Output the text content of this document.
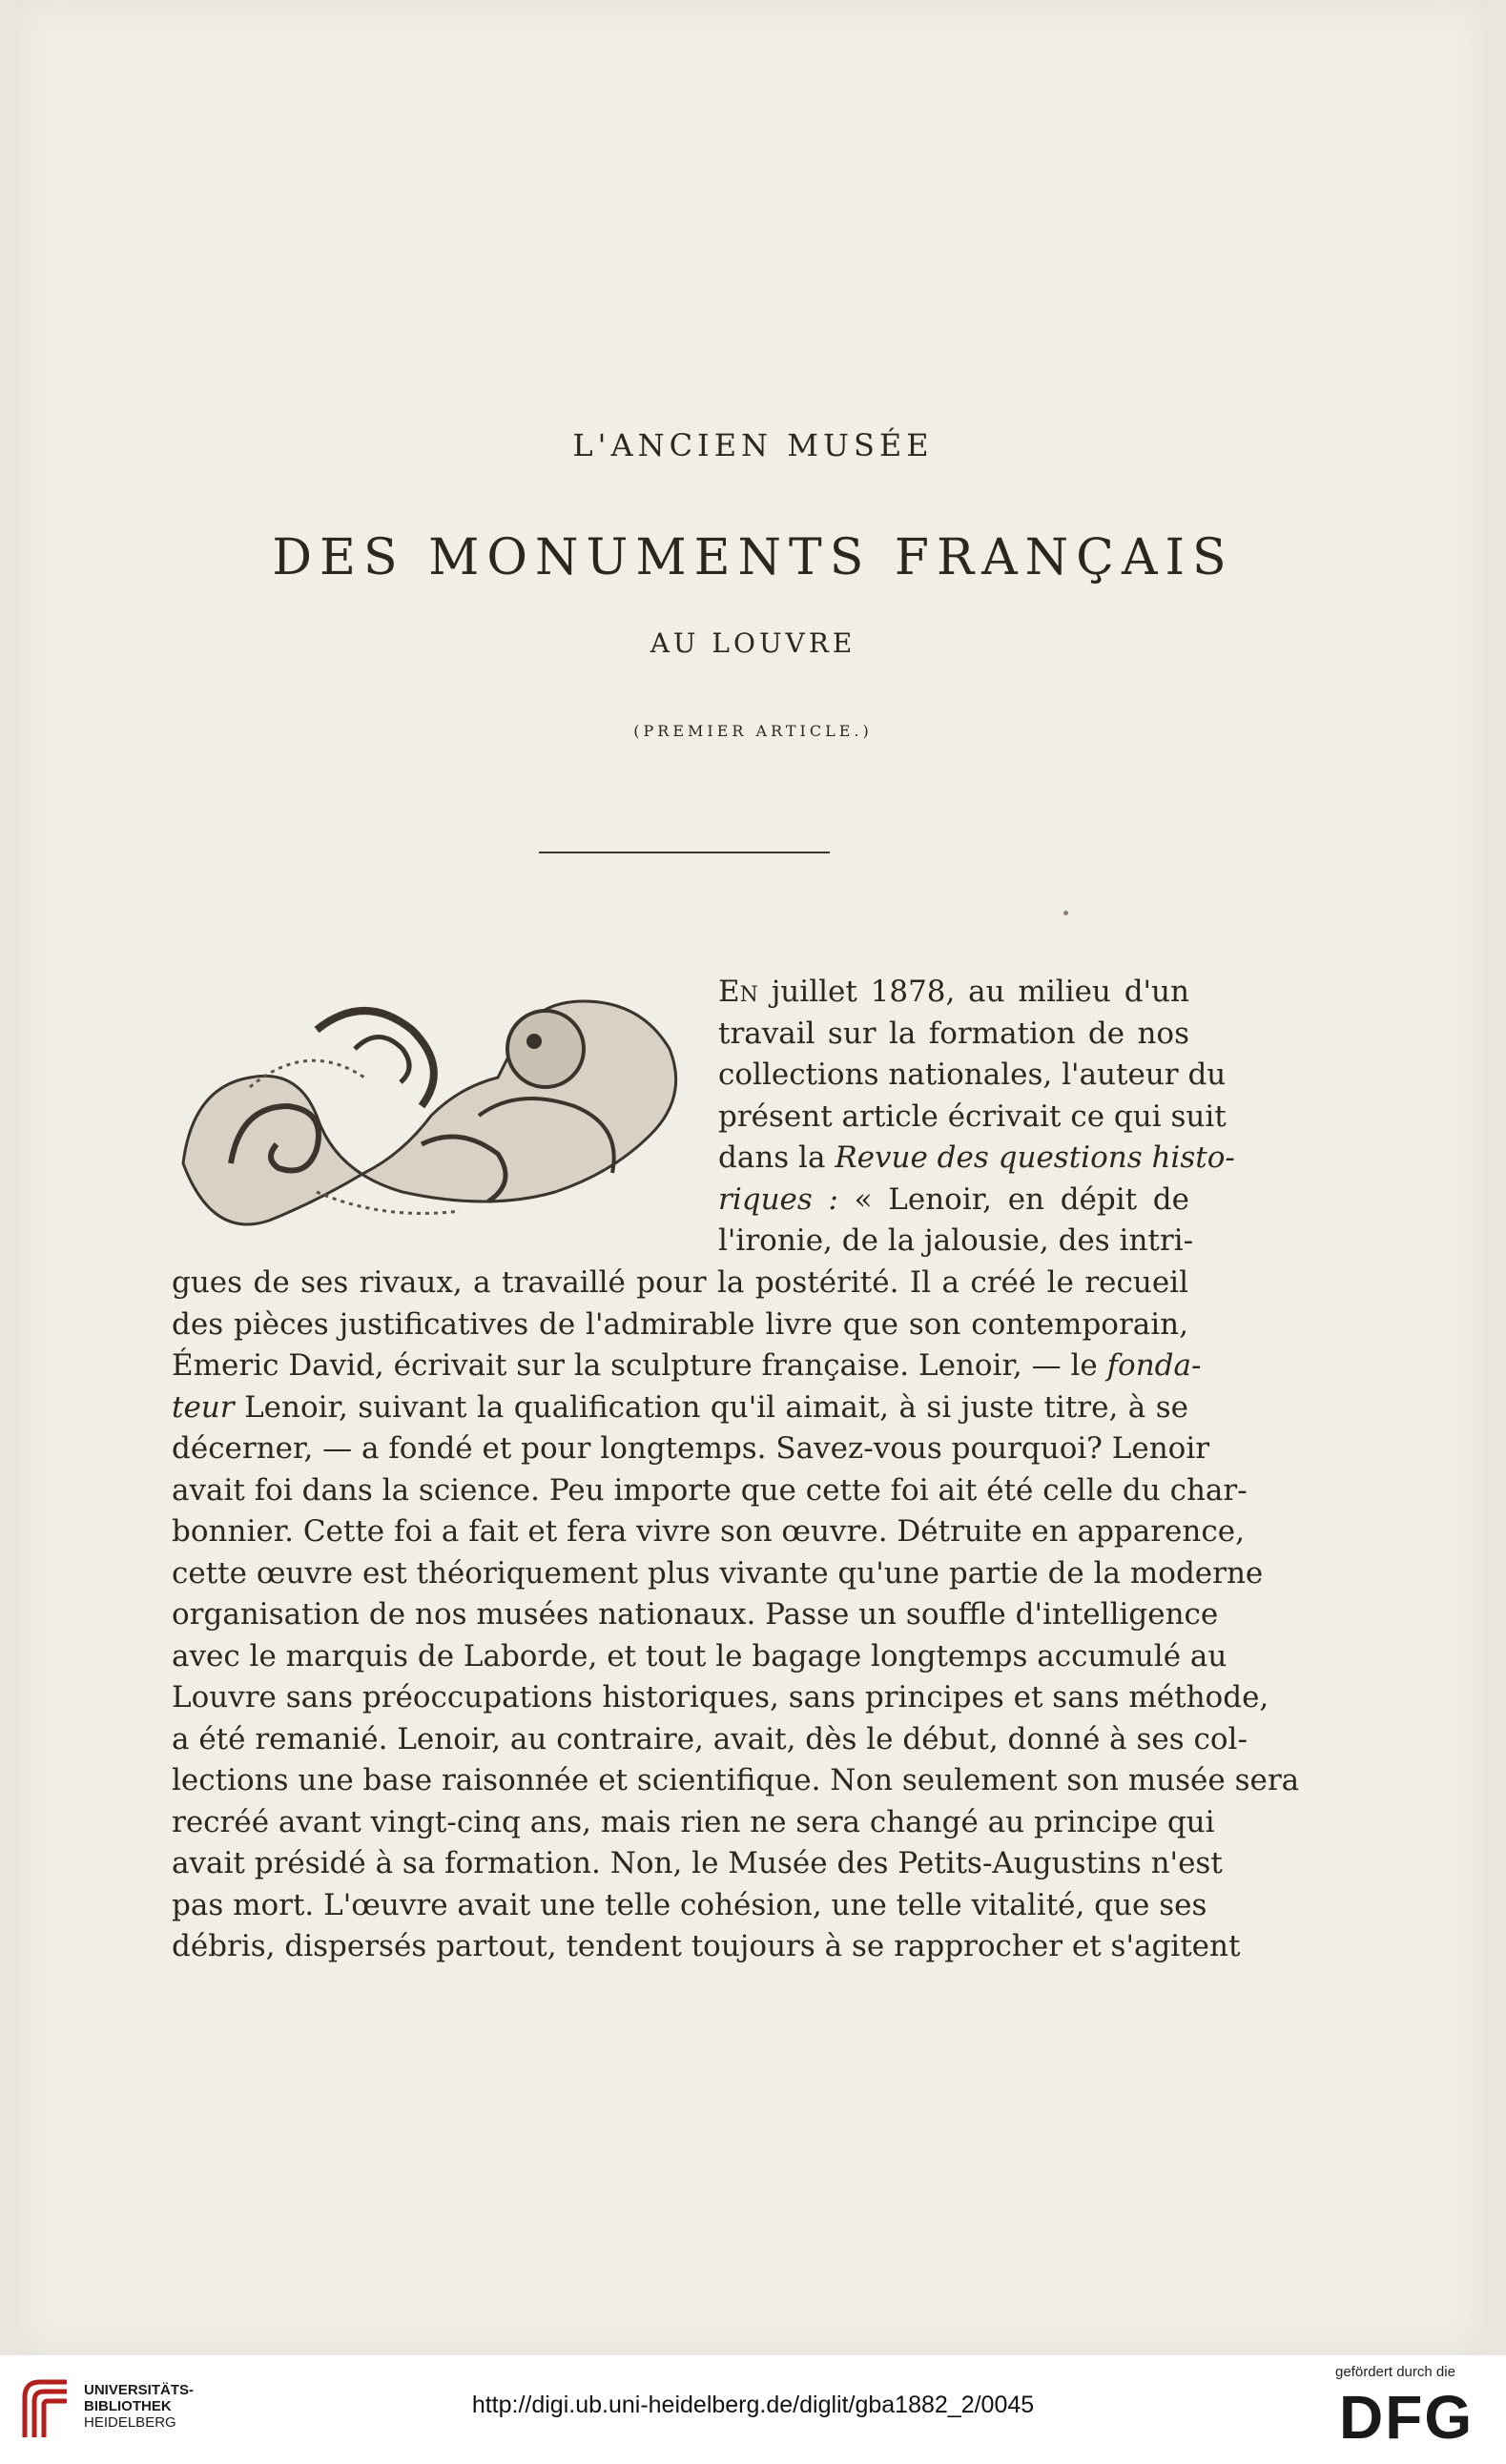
L'ANCIEN MUSÉE
DES MONUMENTS FRANÇAIS
AU LOUVRE
(PREMIER ARTICLE.)
En juillet 1878, au milieu d'un
travail sur la formation de nos
collections nationales, l'auteur du
présent article écrivait ce qui suit
dans la Revue des questions histo-
riques : « Lenoir, en dépit de
l'ironie, de la jalousie, des intri-
gues de ses rivaux, a travaillé pour la postérité. Il a créé le recueil
des pièces justificatives de l'admirable livre que son contemporain,
Émeric David, écrivait sur la sculpture française. Lenoir, — le fonda-
teur Lenoir, suivant la qualification qu'il aimait, à si juste titre, à se
décerner, — a fondé et pour longtemps. Savez-vous pourquoi? Lenoir
avait foi dans la science. Peu importe que cette foi ait été celle du char-
bonnier. Cette foi a fait et fera vivre son œuvre. Détruite en apparence,
cette œuvre est théoriquement plus vivante qu'une partie de la moderne
organisation de nos musées nationaux. Passe un souffle d'intelligence
avec le marquis de Laborde, et tout le bagage longtemps accumulé au
Louvre sans préoccupations historiques, sans principes et sans méthode,
a été remanié. Lenoir, au contraire, avait, dès le début, donné à ses col-
lections une base raisonnée et scientifique. Non seulement son musée sera
recréé avant vingt-cinq ans, mais rien ne sera changé au principe qui
avait présidé à sa formation. Non, le Musée des Petits-Augustins n'est
pas mort. L'œuvre avait une telle cohésion, une telle vitalité, que ses
débris, dispersés partout, tendent toujours à se rapprocher et s'agitent
UNIVERSITÄTS-
BIBLIOTHEK
HEIDELBERG
http://digi.ub.uni-heidelberg.de/diglit/gba1882_2/0045
gefördert durch die
DFG
